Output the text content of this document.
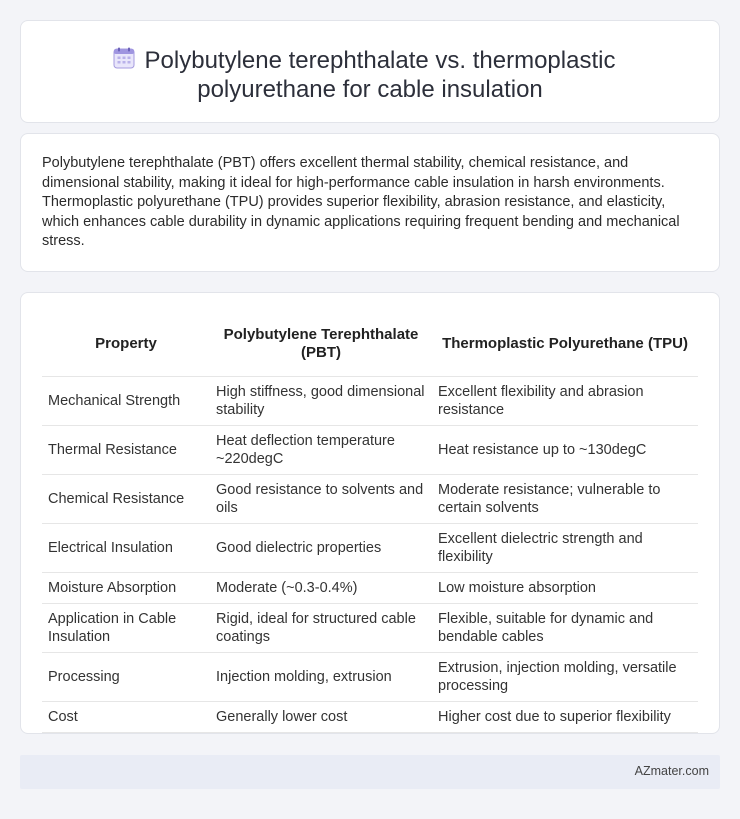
Polybutylene terephthalate vs. thermoplastic
polyurethane for cable insulation

Polybutylene terephthalate (PBT) offers excellent thermal stability, chemical resistance, and dimensional stability, making it ideal for high-performance cable insulation in harsh environments. Thermoplastic polyurethane (TPU) provides superior flexibility, abrasion resistance, and elasticity, which enhances cable durability in dynamic applications requiring frequent bending and mechanical stress.

Property	Polybutylene Terephthalate (PBT)	Thermoplastic Polyurethane (TPU)
Mechanical Strength	High stiffness, good dimensional stability	Excellent flexibility and abrasion resistance
Thermal Resistance	Heat deflection temperature ~220degC	Heat resistance up to ~130degC
Chemical Resistance	Good resistance to solvents and oils	Moderate resistance; vulnerable to certain solvents
Electrical Insulation	Good dielectric properties	Excellent dielectric strength and flexibility
Moisture Absorption	Moderate (~0.3-0.4%)	Low moisture absorption
Application in Cable Insulation	Rigid, ideal for structured cable coatings	Flexible, suitable for dynamic and bendable cables
Processing	Injection molding, extrusion	Extrusion, injection molding, versatile processing
Cost	Generally lower cost	Higher cost due to superior flexibility
AZmater.com
